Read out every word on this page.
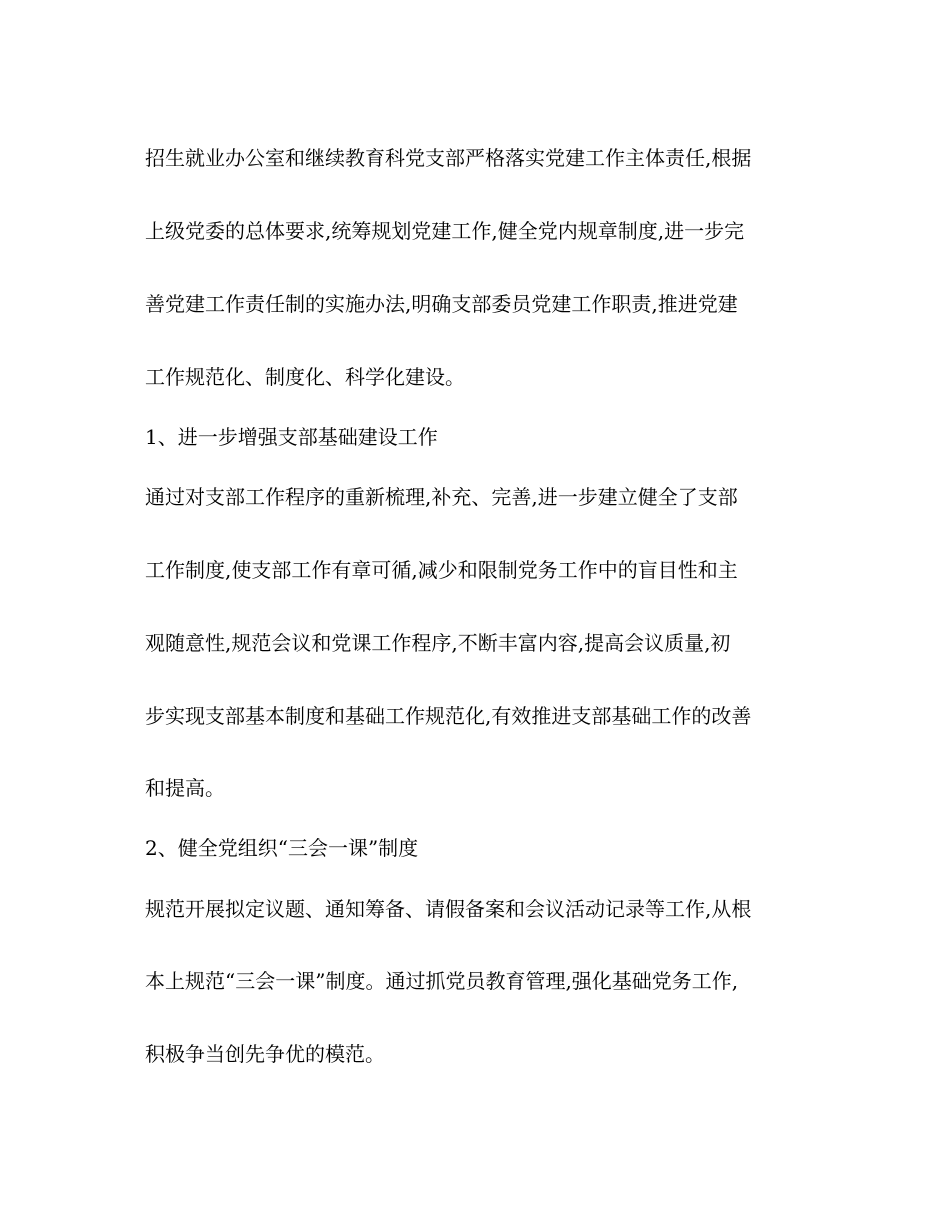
招生就业办公室和继续教育科党支部严格落实党建工作主体责任,根据
上级党委的总体要求,统筹规划党建工作,健全党内规章制度,进一步完
善党建工作责任制的实施办法,明确支部委员党建工作职责,推进党建
工作规范化、制度化、科学化建设。
1、进一步增强支部基础建设工作
通过对支部工作程序的重新梳理,补充、完善,进一步建立健全了支部
工作制度,使支部工作有章可循,减少和限制党务工作中的盲目性和主
观随意性,规范会议和党课工作程序,不断丰富内容,提高会议质量,初
步实现支部基本制度和基础工作规范化,有效推进支部基础工作的改善
和提高。
2、健全党组织“三会一课”制度
规范开展拟定议题、通知筹备、请假备案和会议活动记录等工作,从根
本上规范“三会一课”制度。通过抓党员教育管理,强化基础党务工作,
积极争当创先争优的模范。
